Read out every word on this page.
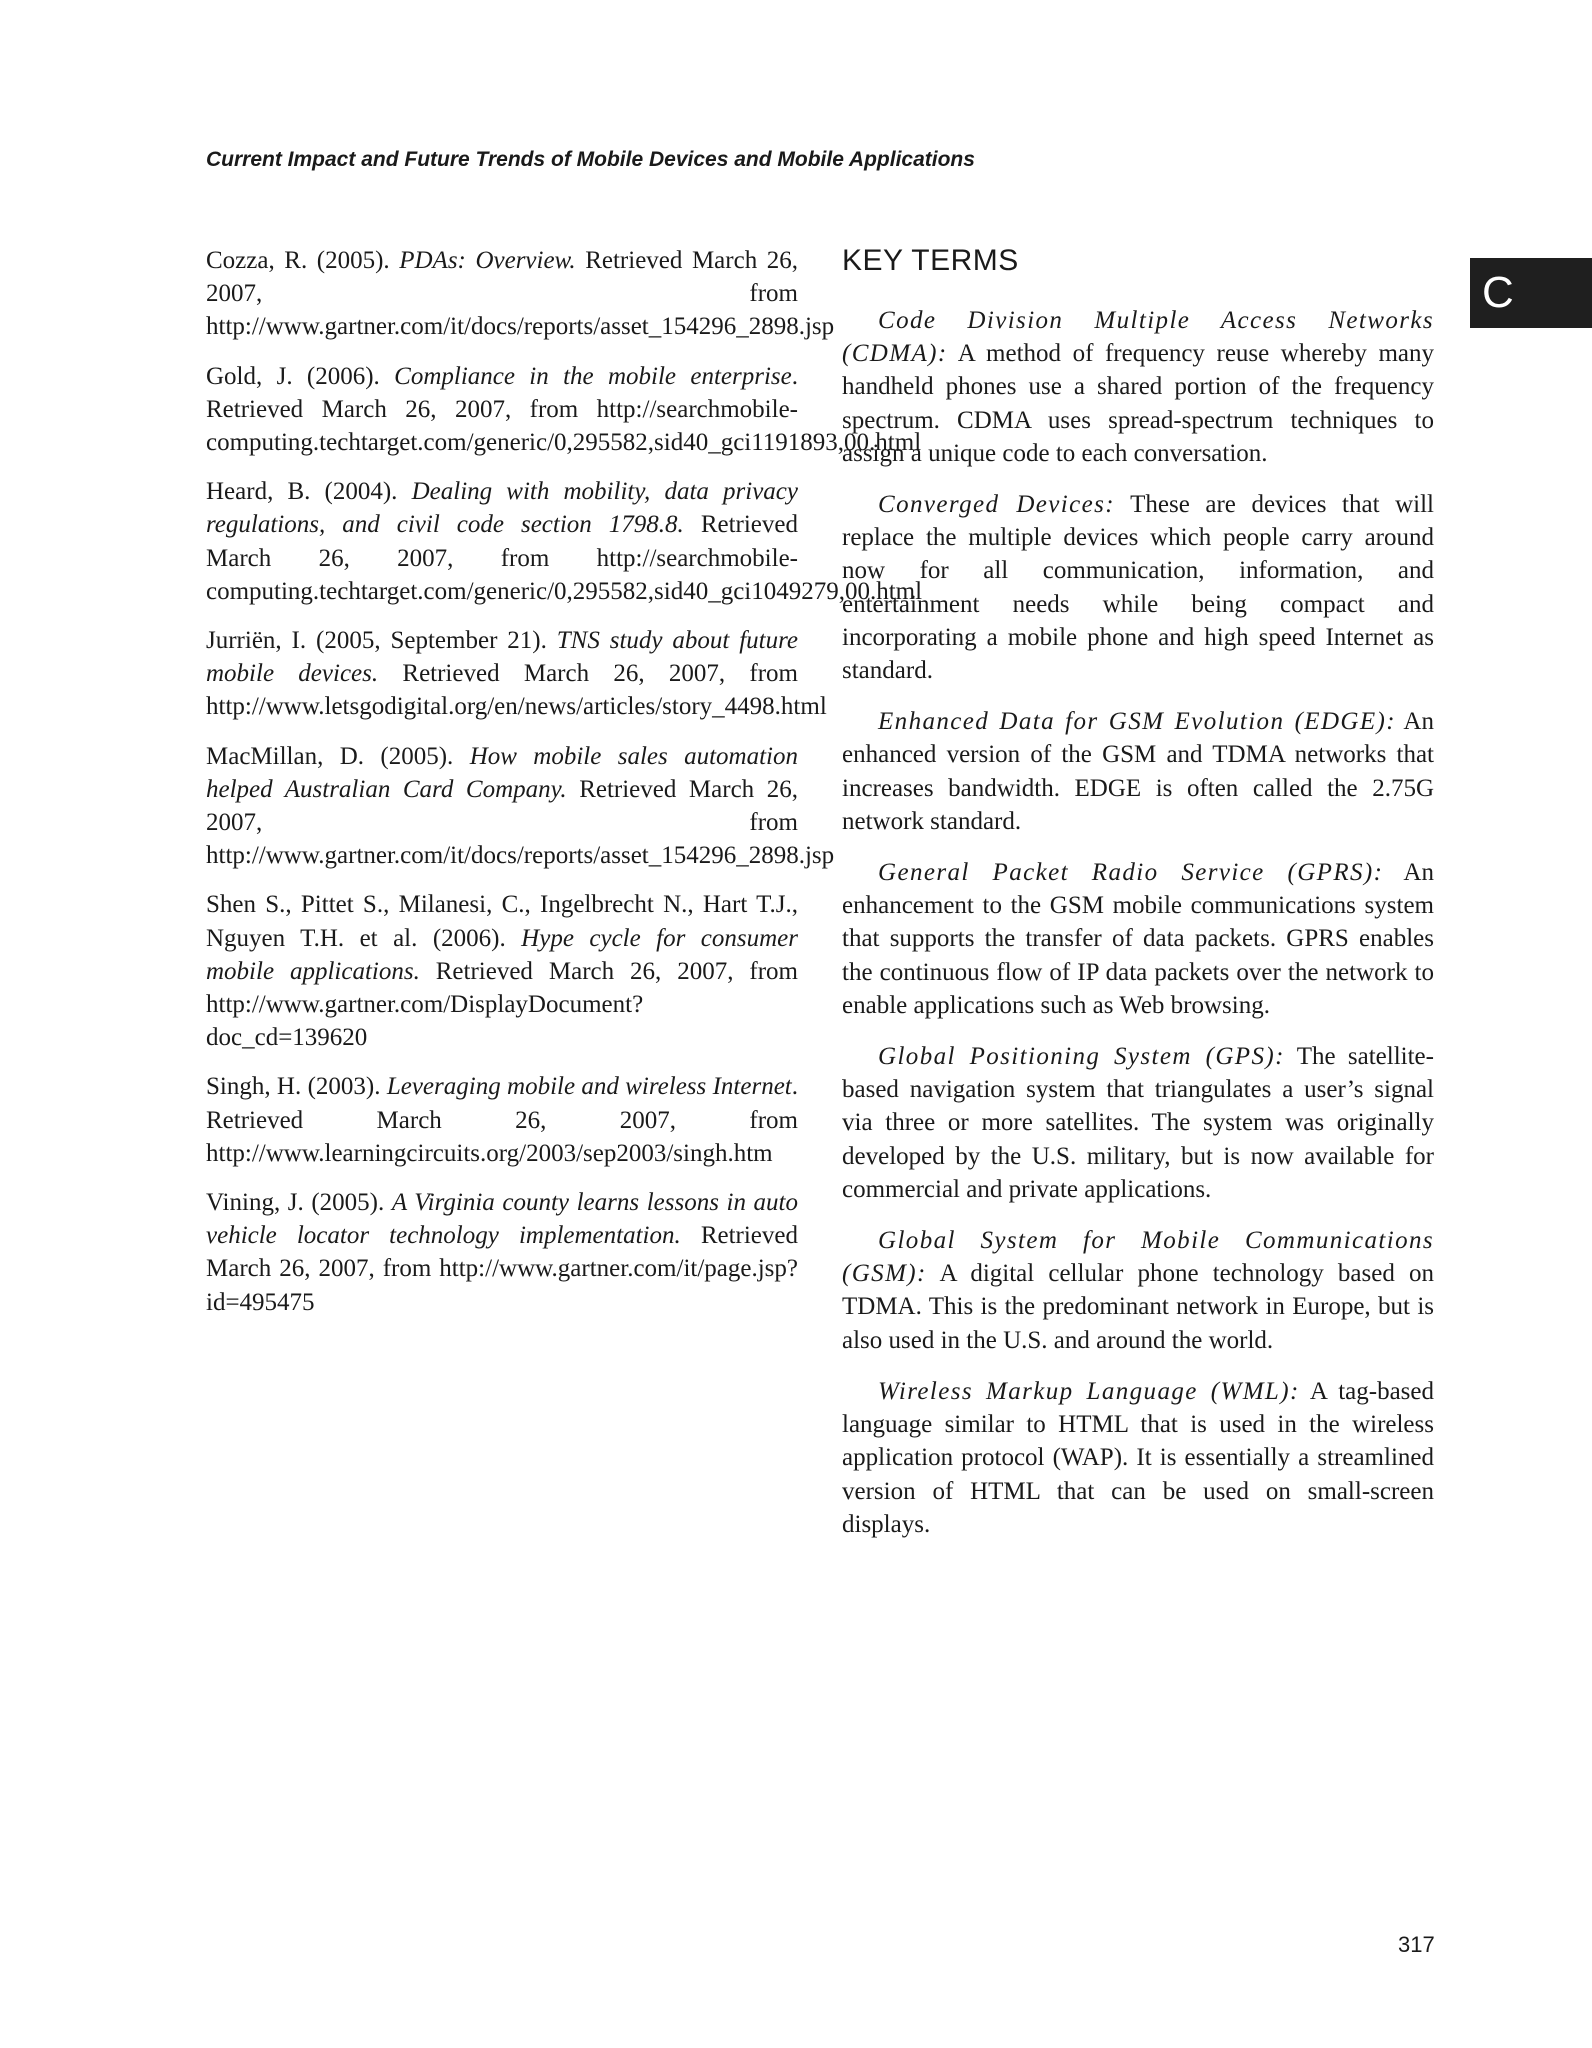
Current Impact and Future Trends of Mobile Devices and Mobile Applications

Cozza, R. (2005). PDAs: Overview. Retrieved March 26, 2007, from http://www.gartner.com/it/docs/reports/asset_154296_2898.jsp

Gold, J. (2006). Compliance in the mobile enterprise. Retrieved March 26, 2007, from http://searchmobile-computing.techtarget.com/generic/0,295582,sid40_gci1191893,00.html

Heard, B. (2004). Dealing with mobility, data privacy regulations, and civil code section 1798.8. Retrieved March 26, 2007, from http://searchmobile-computing.techtarget.com/generic/0,295582,sid40_gci1049279,00.html

Jurriën, I. (2005, September 21). TNS study about future mobile devices. Retrieved March 26, 2007, from http://www.letsgodigital.org/en/news/articles/story_4498.html

MacMillan, D. (2005). How mobile sales automation helped Australian Card Company. Retrieved March 26, 2007, from http://www.gartner.com/it/docs/reports/asset_154296_2898.jsp

Shen S., Pittet S., Milanesi, C., Ingelbrecht N., Hart T.J., Nguyen T.H. et al. (2006). Hype cycle for consumer mobile applications. Retrieved March 26, 2007, from http://www.gartner.com/DisplayDocument?doc_cd=139620

Singh, H. (2003). Leveraging mobile and wireless Internet. Retrieved March 26, 2007, from http://www.learningcircuits.org/2003/sep2003/singh.htm

Vining, J. (2005). A Virginia county learns lessons in auto vehicle locator technology implementation. Retrieved March 26, 2007, from http://www.gartner.com/it/page.jsp?id=495475

KEY TERMS

Code Division Multiple Access Networks (CDMA): A method of frequency reuse whereby many handheld phones use a shared portion of the frequency spectrum. CDMA uses spread-spectrum techniques to assign a unique code to each conversation.

Converged Devices: These are devices that will replace the multiple devices which people carry around now for all communication, information, and entertainment needs while being compact and incorporating a mobile phone and high speed Internet as standard.

Enhanced Data for GSM Evolution (EDGE): An enhanced version of the GSM and TDMA networks that increases bandwidth. EDGE is often called the 2.75G network standard.

General Packet Radio Service (GPRS): An enhancement to the GSM mobile communications system that supports the transfer of data packets. GPRS enables the continuous flow of IP data packets over the network to enable applications such as Web browsing.

Global Positioning System (GPS): The satellite-based navigation system that triangulates a user’s signal via three or more satellites. The system was originally developed by the U.S. military, but is now available for commercial and private applications.

Global System for Mobile Communications (GSM): A digital cellular phone technology based on TDMA. This is the predominant network in Europe, but is also used in the U.S. and around the world.

Wireless Markup Language (WML): A tag-based language similar to HTML that is used in the wireless application protocol (WAP). It is essentially a streamlined version of HTML that can be used on small-screen displays.

C
317
